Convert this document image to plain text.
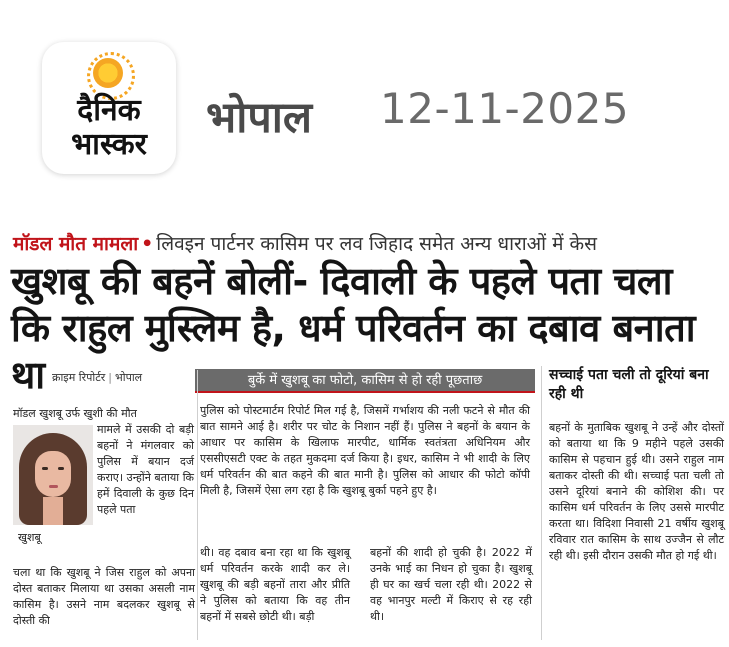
दैनिक
भास्कर
भोपाल 12-11-2025
मॉडल मौत मामला • लिवइन पार्टनर कासिम पर लव जिहाद समेत अन्य धाराओं में केस
खुशबू की बहनें बोलीं- दिवाली के पहले पता चला कि राहुल मुस्लिम है, धर्म परिवर्तन का दबाव बनाता था क्राइम रिपोर्टर | भोपाल	बुर्के में खुशबू का फोटो, कासिम से हो रही पूछताछ	सच्चाई पता चली तो दूरियां बना रही थी
मॉडल खुशबू उर्फ खुशी की मौत
खुशबू
मामले में उसकी दो बड़ी बहनों ने मंगलवार को पुलिस में बयान दर्ज कराए। उन्होंने बताया कि हमें दिवाली के कुछ दिन पहले पता
चला था कि खुशबू ने जिस राहुल को अपना दोस्त बताकर मिलाया था उसका असली नाम कासिम है। उसने नाम बदलकर खुशबू से दोस्ती की
पुलिस को पोस्टमार्टम रिपोर्ट मिल गई है, जिसमें गर्भाशय की नली फटने से मौत की बात सामने आई है। शरीर पर चोट के निशान नहीं हैं। पुलिस ने बहनों के बयान के आधार पर कासिम के खिलाफ मारपीट, धार्मिक स्वतंत्रता अधिनियम और एससीएसटी एक्ट के तहत मुकदमा दर्ज किया है। इधर, कासिम ने भी शादी के लिए धर्म परिवर्तन की बात कहने की बात मानी है। पुलिस को आधार की फोटो कॉपी मिली है, जिसमें ऐसा लग रहा है कि खुशबू बुर्का पहने हुए है।
थी। वह दबाव बना रहा था कि खुशबू धर्म परिवर्तन करके शादी कर ले। खुशबू की बड़ी बहनों तारा और प्रीति ने पुलिस को बताया कि वह तीन बहनों में सबसे छोटी थी। बड़ी
बहनों की शादी हो चुकी है। 2022 में उनके भाई का निधन हो चुका है। खुशबू ही घर का खर्च चला रही थी। 2022 से वह भानपुर मल्टी में किराए से रह रही थी।
बहनों के मुताबिक खुशबू ने उन्हें और दोस्तों को बताया था कि 9 महीने पहले उसकी कासिम से पहचान हुई थी। उसने राहुल नाम बताकर दोस्ती की थी। सच्चाई पता चली तो उसने दूरियां बनाने की कोशिश की। पर कासिम धर्म परिवर्तन के लिए उससे मारपीट करता था। विदिशा निवासी 21 वर्षीय खुशबू रविवार रात कासिम के साथ उज्जैन से लौट रही थी। इसी दौरान उसकी मौत हो गई थी।
